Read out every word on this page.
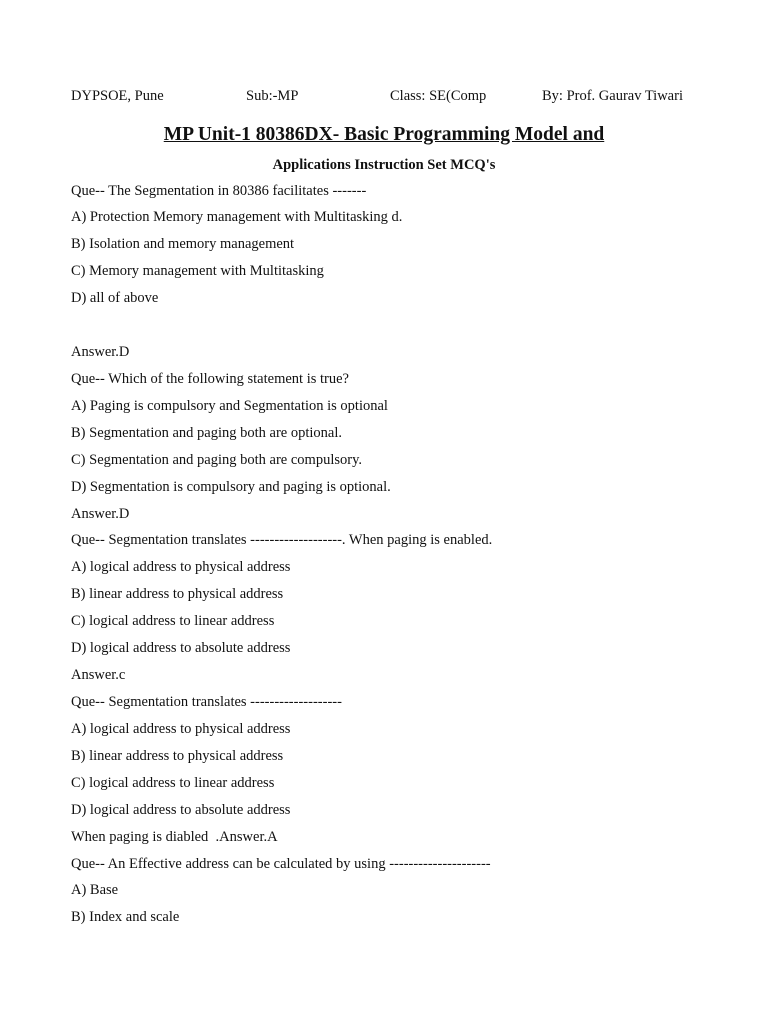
DYPSOE, Pune	Sub:-MP	Class: SE(Comp	By: Prof. Gaurav Tiwari
MP Unit-1 80386DX- Basic Programming Model and
Applications Instruction Set MCQ's
Que-- The Segmentation in 80386 facilitates -------
A) Protection Memory management with Multitasking d.
B) Isolation and memory management
C) Memory management with Multitasking
D) all of above
Answer.D
Que-- Which of the following statement is true?
A) Paging is compulsory and Segmentation is optional
B) Segmentation and paging both are optional.
C) Segmentation and paging both are compulsory.
D) Segmentation is compulsory and paging is optional.
Answer.D
Que-- Segmentation translates -------------------. When paging is enabled.
A) logical address to physical address
B) linear address to physical address
C) logical address to linear address
D) logical address to absolute address
Answer.c
Que-- Segmentation translates -------------------
A) logical address to physical address
B) linear address to physical address
C) logical address to linear address
D) logical address to absolute address
When paging is diabled  .Answer.A
Que-- An Effective address can be calculated by using ---------------------
A) Base
B) Index and scale
